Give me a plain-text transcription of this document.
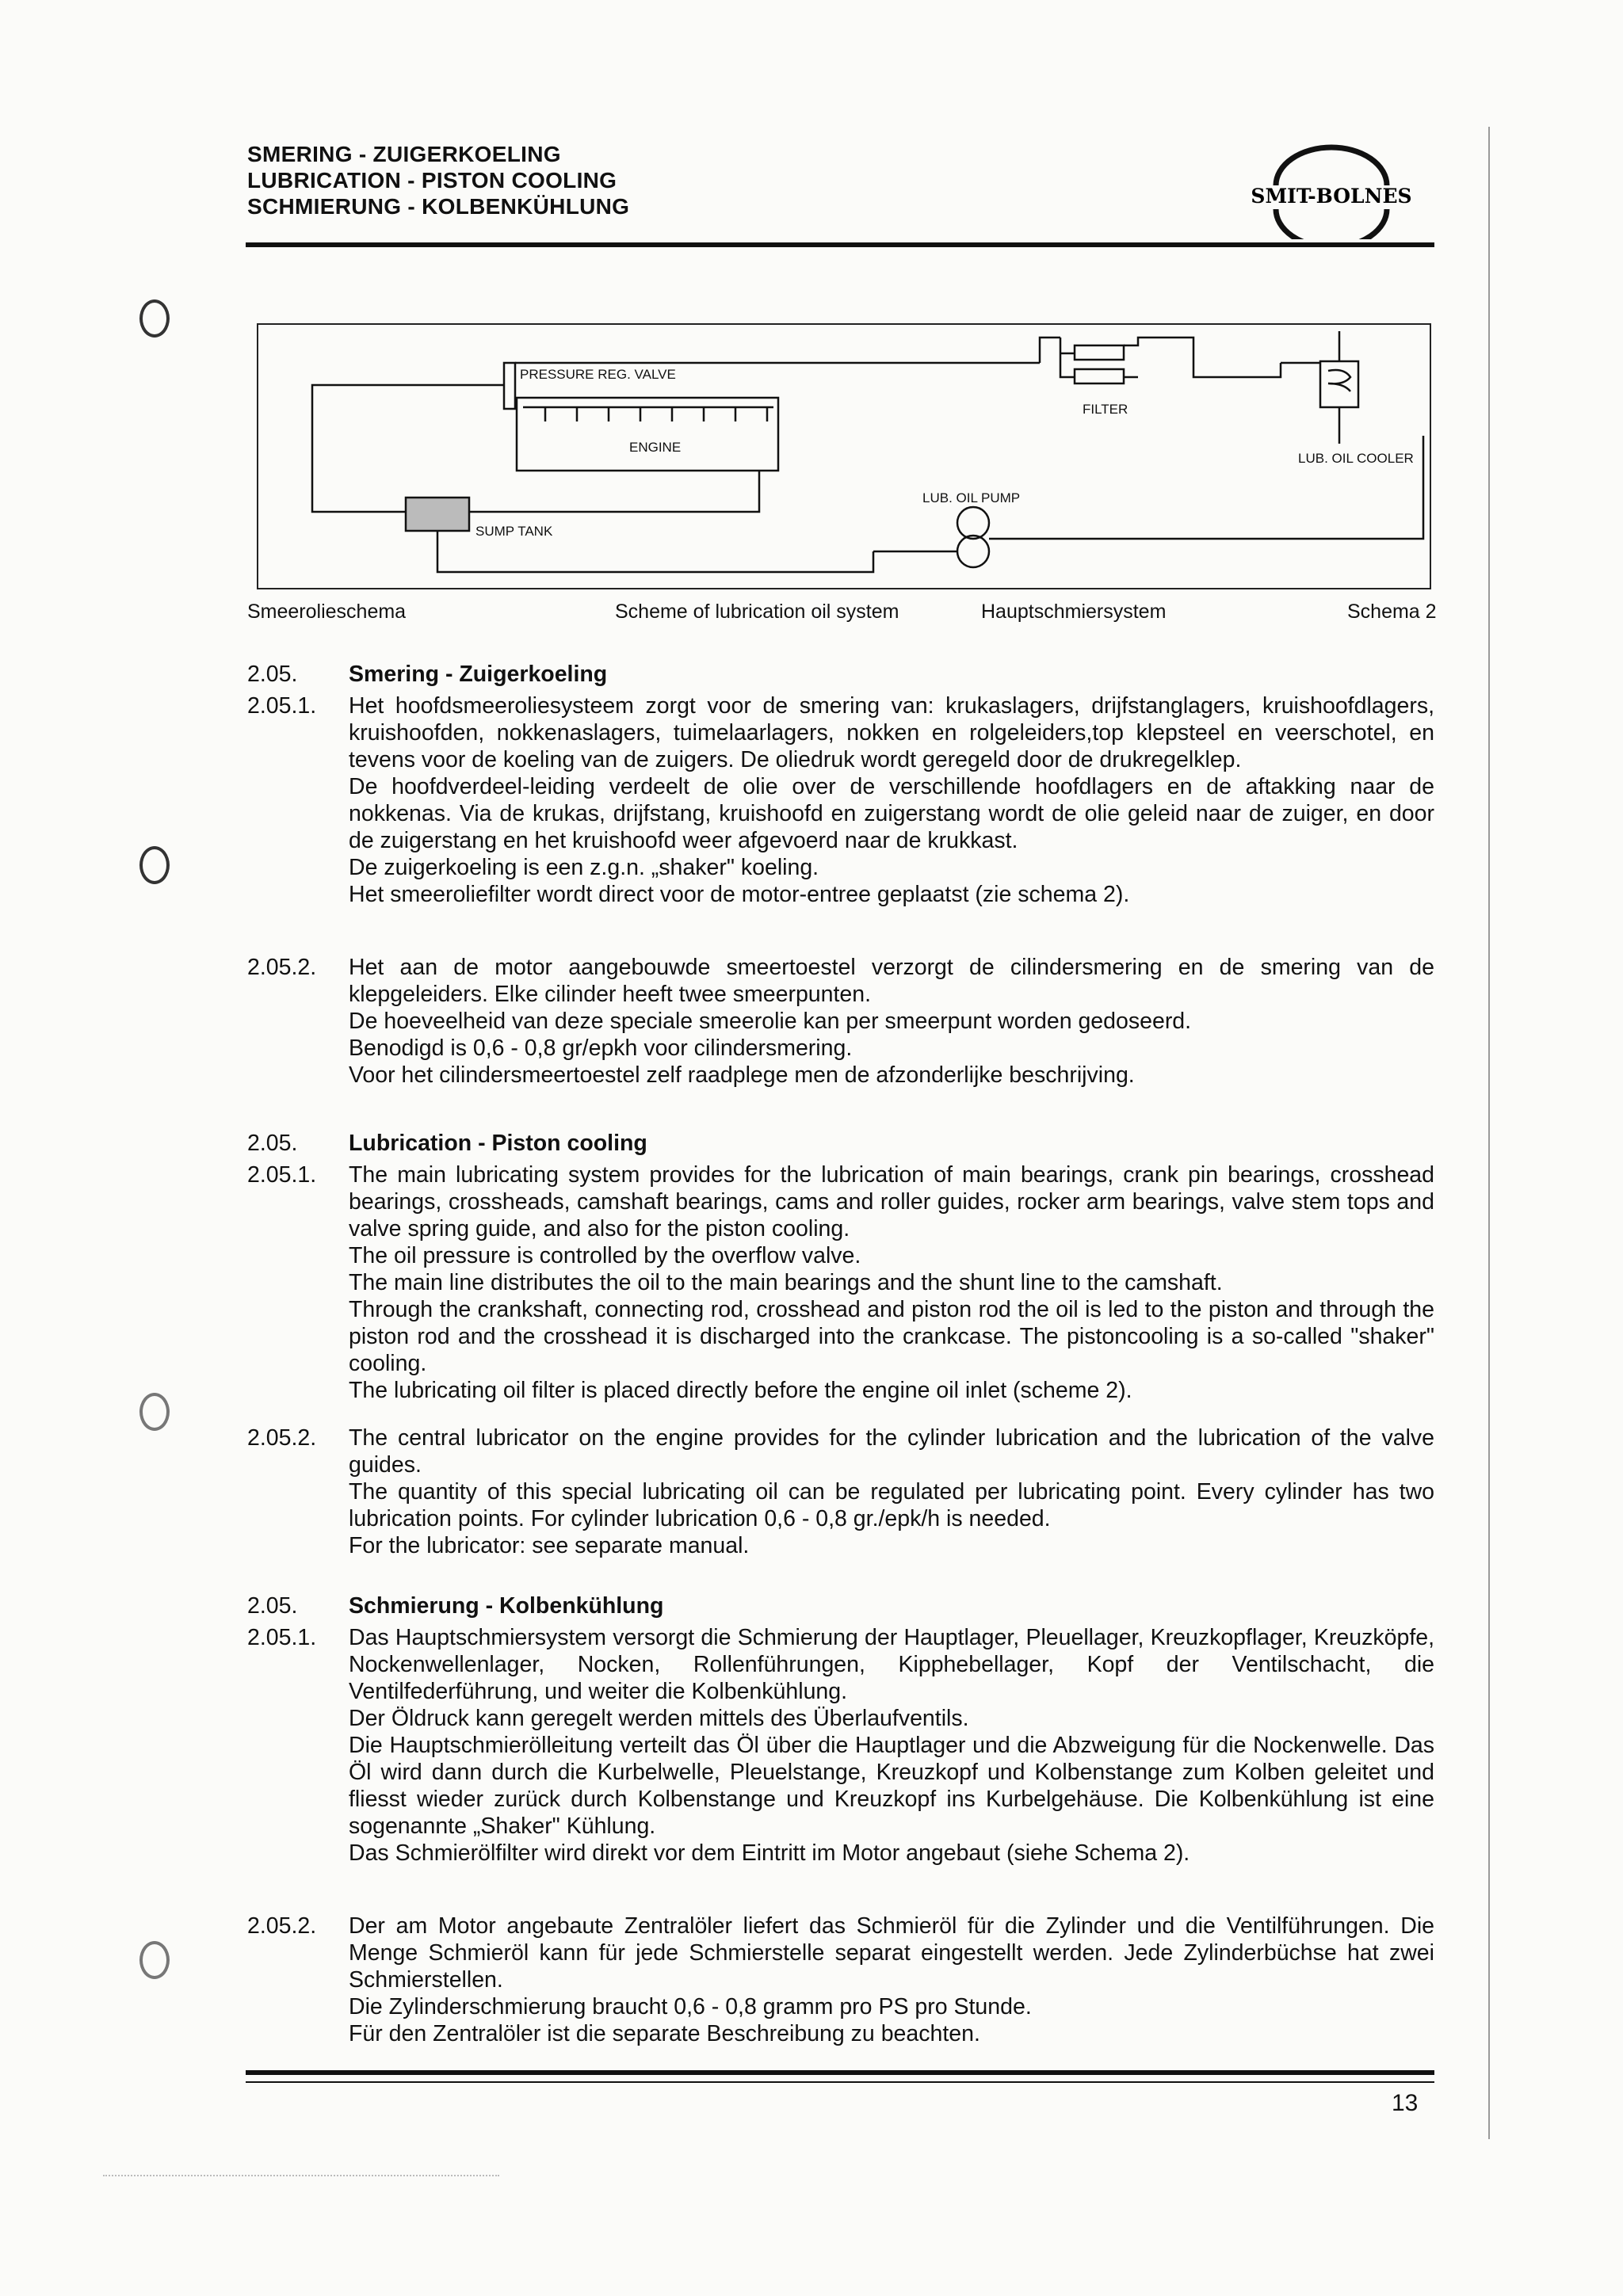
SMERING - ZUIGERKOELING
LUBRICATION - PISTON COOLING
SCHMIERUNG - KOLBENKÜHLUNG	SMIT-BOLNES
PRESSURE REG. VALVE
ENGINE
FILTER
LUB. OIL COOLER
LUB. OIL PUMP
SUMP TANK
Smeerolieschema	Scheme of lubrication oil system	Hauptschmiersystem	Schema 2
2.05. Smering - Zuigerkoeling
2.05.1. Het hoofdsmeeroliesysteem zorgt voor de smering van: krukaslagers, drijfstanglagers, kruishoofdlagers, kruishoofden, nokkenaslagers, tuimelaarlagers, nokken en rolgeleiders,top klepsteel en veerschotel, en tevens voor de koeling van de zuigers. De oliedruk wordt geregeld door de drukregelklep.

De hoofdverdeel-leiding verdeelt de olie over de verschillende hoofdlagers en de aftakking naar de nokkenas. Via de krukas, drijfstang, kruishoofd en zuigerstang wordt de olie geleid naar de zuiger, en door de zuigerstang en het kruishoofd weer afgevoerd naar de krukkast.

De zuigerkoeling is een z.g.n. „shaker" koeling.

Het smeeroliefilter wordt direct voor de motor-entree geplaatst (zie schema 2).

2.05.2. Het aan de motor aangebouwde smeertoestel verzorgt de cilindersmering en de smering van de klepgeleiders. Elke cilinder heeft twee smeerpunten.

De hoeveelheid van deze speciale smeerolie kan per smeerpunt worden gedoseerd.

Benodigd is 0,6 - 0,8 gr/epkh voor cilindersmering.

Voor het cilindersmeertoestel zelf raadplege men de afzonderlijke beschrijving.

2.05. Lubrication - Piston cooling
2.05.1. The main lubricating system provides for the lubrication of main bearings, crank pin bearings, crosshead bearings, crossheads, camshaft bearings, cams and roller guides, rocker arm bearings, valve stem tops and valve spring guide, and also for the piston cooling.

The oil pressure is controlled by the overflow valve.

The main line distributes the oil to the main bearings and the shunt line to the camshaft.

Through the crankshaft, connecting rod, crosshead and piston rod the oil is led to the piston and through the piston rod and the crosshead it is discharged into the crankcase. The pistoncooling is a so-called "shaker" cooling.

The lubricating oil filter is placed directly before the engine oil inlet (scheme 2).

2.05.2. The central lubricator on the engine provides for the cylinder lubrication and the lubrication of the valve guides.

The quantity of this special lubricating oil can be regulated per lubricating point. Every cylinder has two lubrication points. For cylinder lubrication 0,6 - 0,8 gr./epk/h is needed.

For the lubricator: see separate manual.

2.05. Schmierung - Kolbenkühlung
2.05.1. Das Hauptschmiersystem versorgt die Schmierung der Hauptlager, Pleuellager, Kreuzkopflager, Kreuzköpfe, Nockenwellenlager, Nocken, Rollenführungen, Kipphebellager, Kopf der Ventilschacht, die Ventilfederführung, und weiter die Kolbenkühlung.

Der Öldruck kann geregelt werden mittels des Überlaufventils.

Die Hauptschmierölleitung verteilt das Öl über die Hauptlager und die Abzweigung für die Nockenwelle. Das Öl wird dann durch die Kurbelwelle, Pleuelstange, Kreuzkopf und Kolbenstange zum Kolben geleitet und fliesst wieder zurück durch Kolbenstange und Kreuzkopf ins Kurbelgehäuse. Die Kolbenkühlung ist eine sogenannte „Shaker" Kühlung.

Das Schmierölfilter wird direkt vor dem Eintritt im Motor angebaut (siehe Schema 2).

2.05.2. Der am Motor angebaute Zentralöler liefert das Schmieröl für die Zylinder und die Ventilführungen. Die Menge Schmieröl kann für jede Schmierstelle separat eingestellt werden. Jede Zylinderbüchse hat zwei Schmierstellen.

Die Zylinderschmierung braucht 0,6 - 0,8 gramm pro PS pro Stunde.

Für den Zentralöler ist die separate Beschreibung zu beachten.

13
